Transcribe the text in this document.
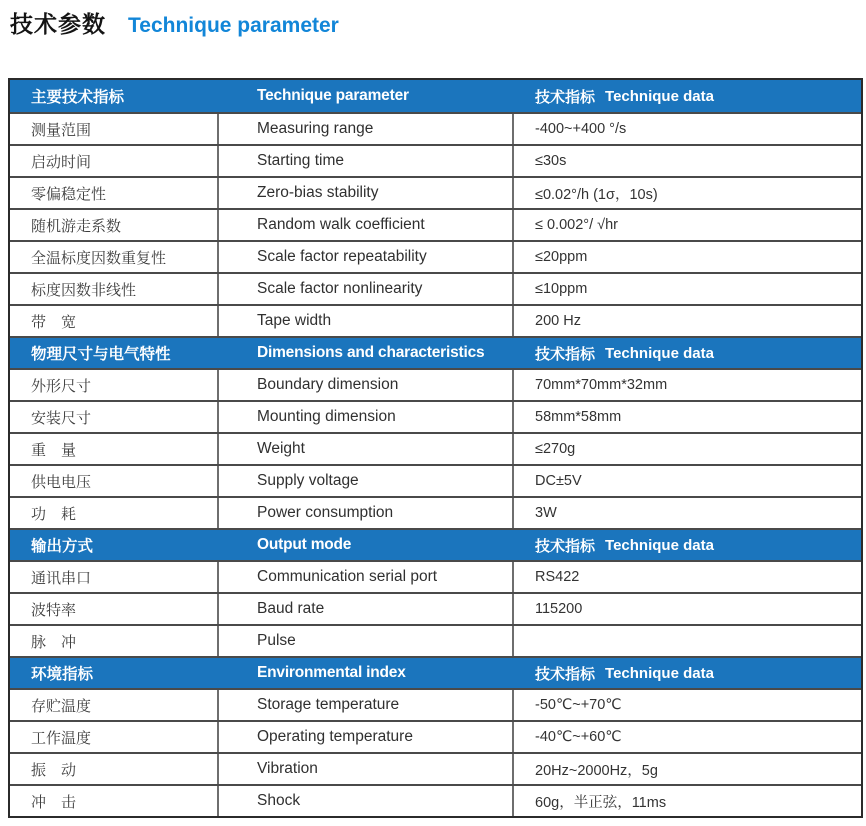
技术参数 Technique parameter
主要技术指标	Technique parameter	技术指标 Technique data
测量范围	Measuring range	-400~+400 °/s
启动时间	Starting time	≤30s
零偏稳定性	Zero-bias stability	≤0.02°/h (1σ，10s)
随机游走系数	Random walk coefficient	≤ 0.002°/ √hr
全温标度因数重复性	Scale factor repeatability	≤20ppm
标度因数非线性	Scale factor nonlinearity	≤10ppm
带　宽	Tape width	200 Hz
物理尺寸与电气特性	Dimensions and characteristics	技术指标 Technique data
外形尺寸	Boundary dimension	70mm*70mm*32mm
安装尺寸	Mounting dimension	58mm*58mm
重　量	Weight	≤270g
供电电压	Supply voltage	DC±5V
功　耗	Power consumption	3W
输出方式	Output mode	技术指标 Technique data
通讯串口	Communication serial port	RS422
波特率	Baud rate	115200
脉　冲	Pulse
环境指标	Environmental index	技术指标 Technique data
存贮温度	Storage temperature	-50℃~+70℃
工作温度	Operating temperature	-40℃~+60℃
振　动	Vibration	20Hz~2000Hz，5g
冲　击	Shock	60g，半正弦，11ms
